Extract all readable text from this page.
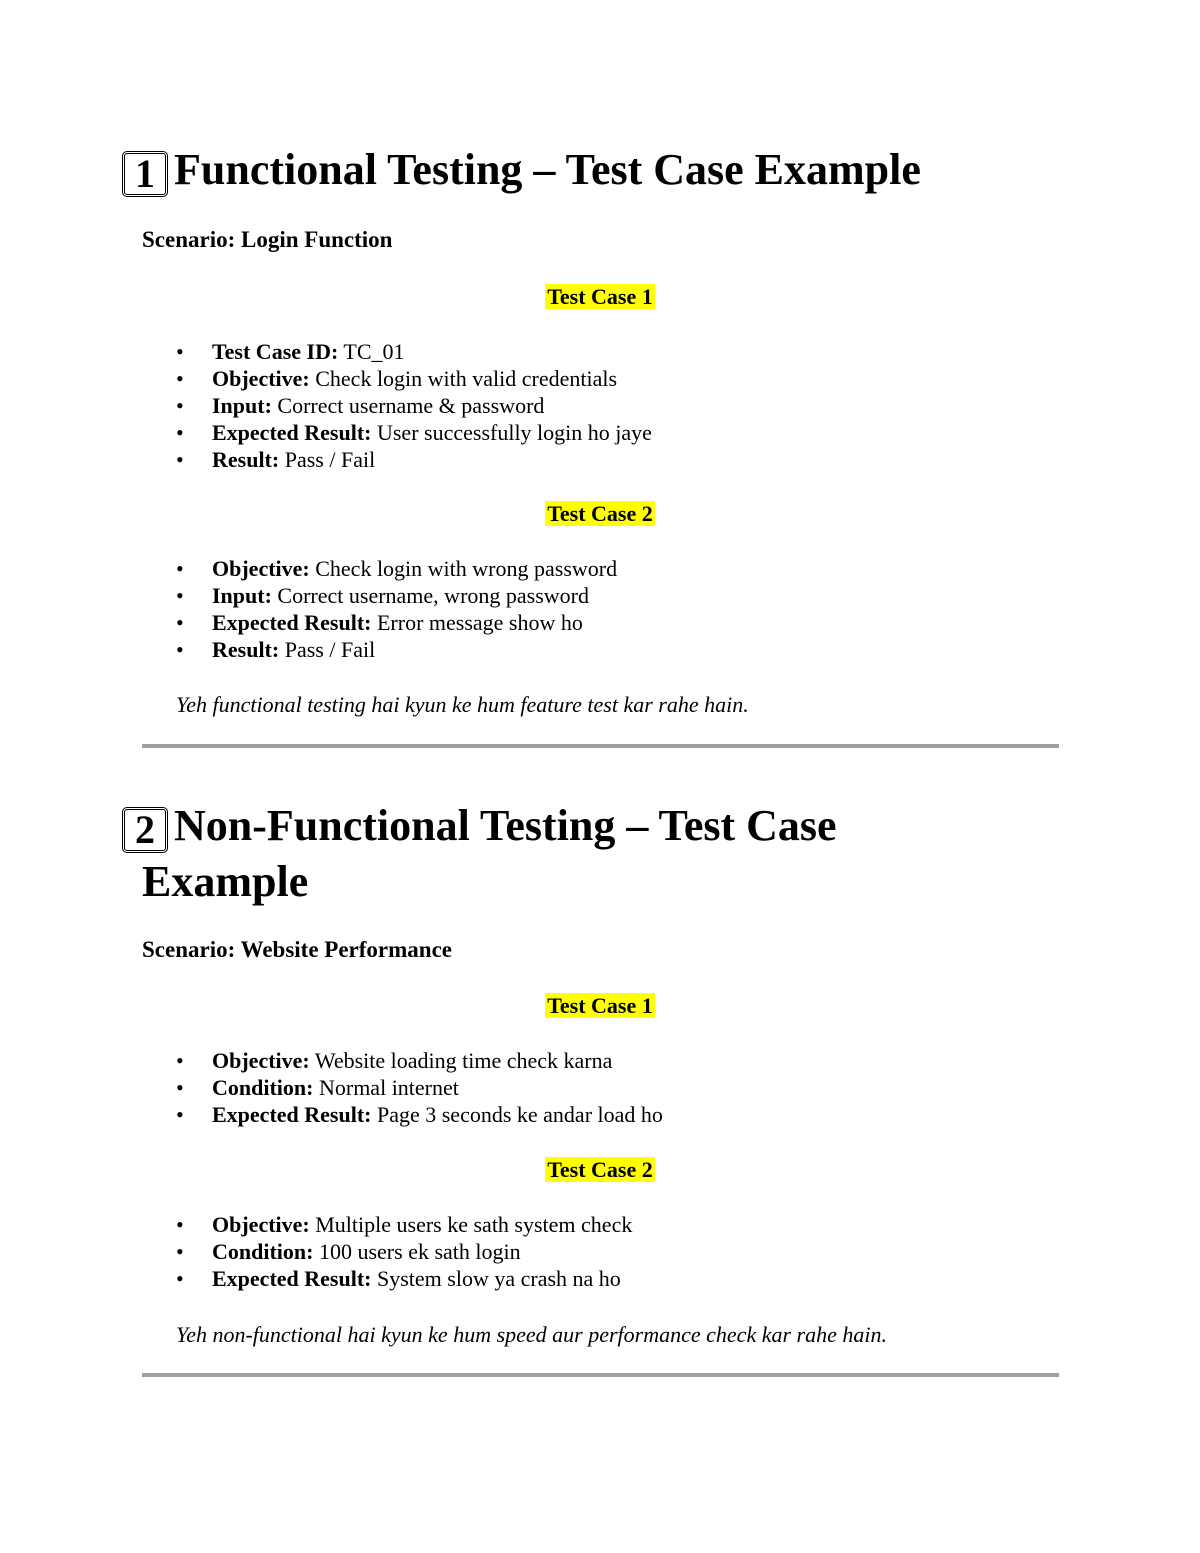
1 Functional Testing – Test Case Example

Scenario: Login Function

Test Case 1
• Test Case ID: TC_01
• Objective: Check login with valid credentials
• Input: Correct username & password
• Expected Result: User successfully login ho jaye
• Result: Pass / Fail
Test Case 2
• Objective: Check login with wrong password
• Input: Correct username, wrong password
• Expected Result: Error message show ho
• Result: Pass / Fail

Yeh functional testing hai kyun ke hum feature test kar rahe hain.

2 Non-Functional Testing – Test Case
Example

Scenario: Website Performance

Test Case 1
• Objective: Website loading time check karna
• Condition: Normal internet
• Expected Result: Page 3 seconds ke andar load ho
Test Case 2
• Objective: Multiple users ke sath system check
• Condition: 100 users ek sath login
• Expected Result: System slow ya crash na ho

Yeh non-functional hai kyun ke hum speed aur performance check kar rahe hain.
